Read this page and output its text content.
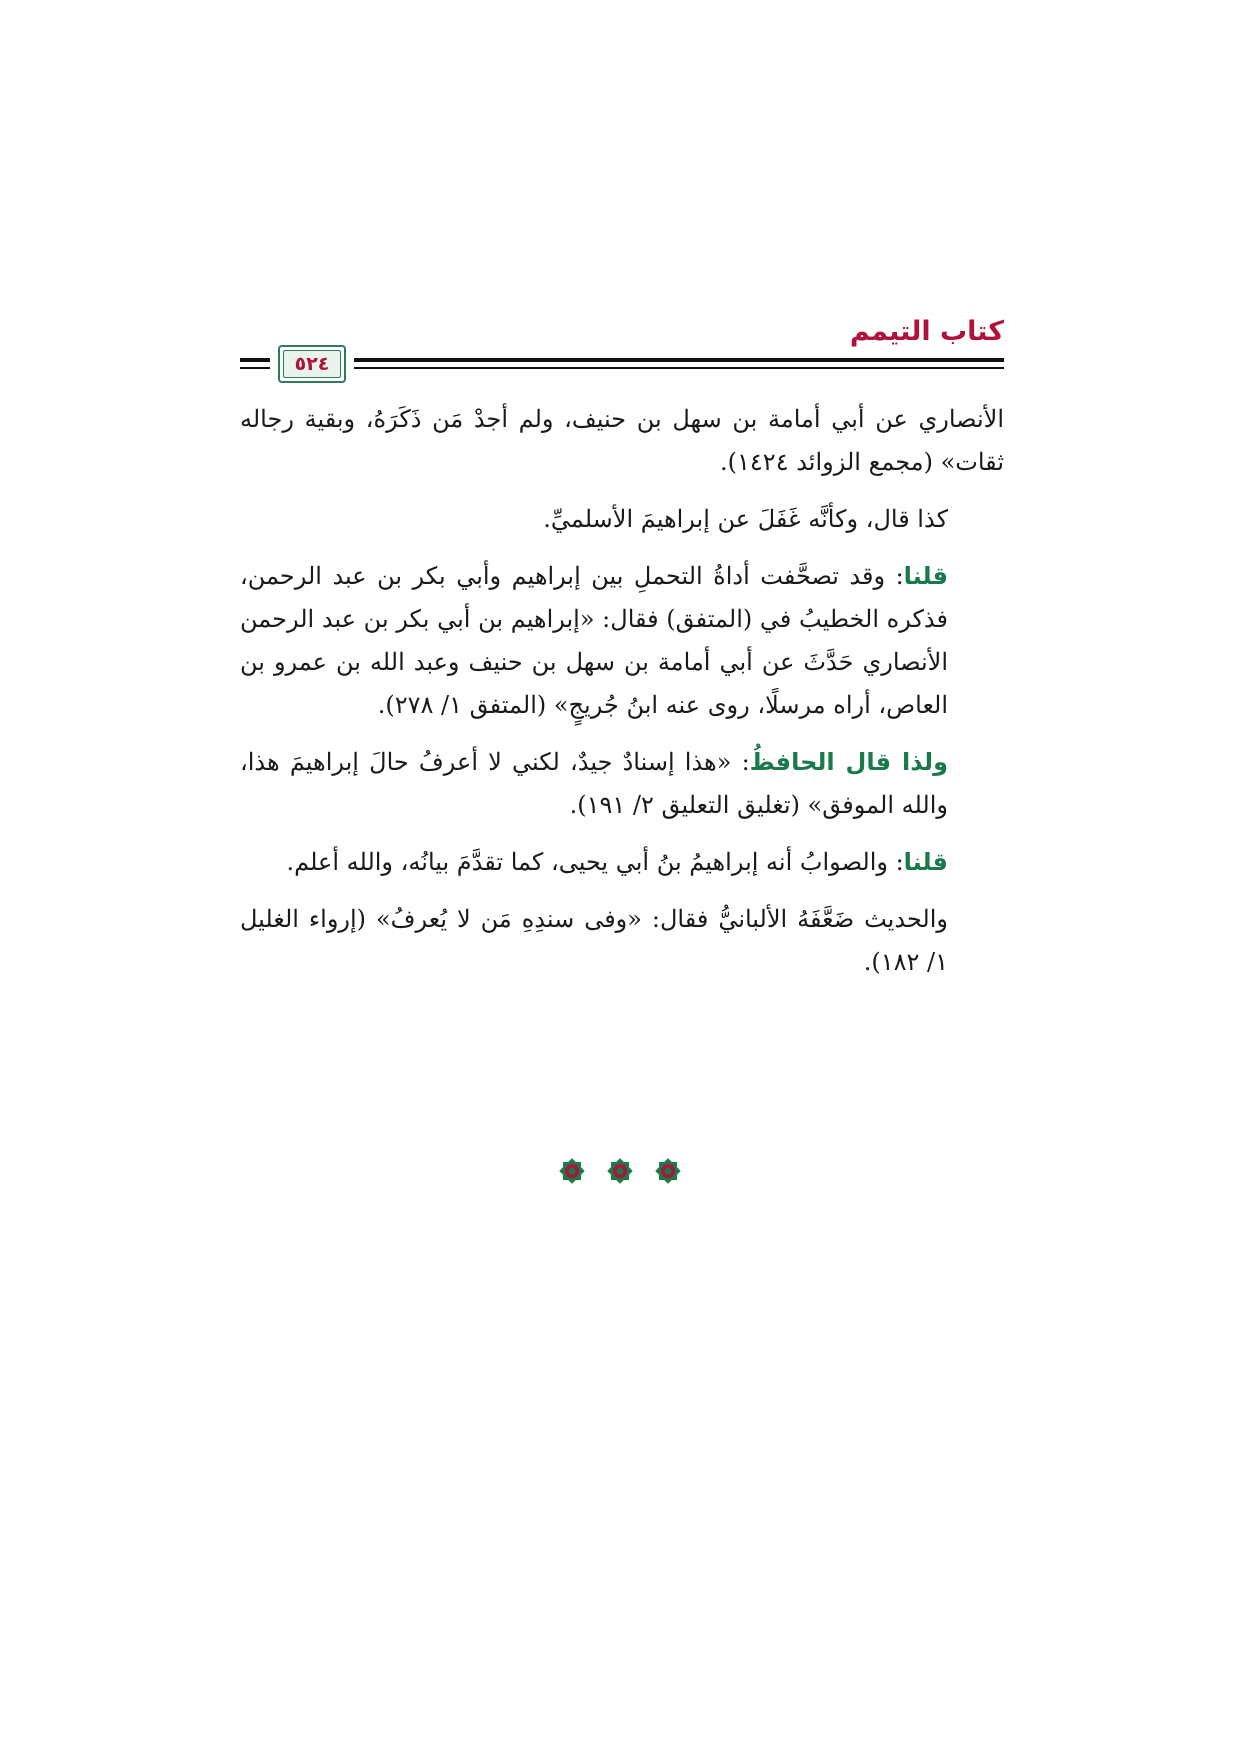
٥٢٤
كتاب التيمم

الأنصاري عن أبي أمامة بن سهل بن حنيف، ولم أجدْ مَن ذَكَرَهُ، وبقية رجاله ثقات» (مجمع الزوائد ١٤٢٤).

كذا قال، وكأنَّه غَفَلَ عن إبراهيمَ الأسلميِّ.

قلنا: وقد تصحَّفت أداةُ التحملِ بين إبراهيم وأبي بكر بن عبد الرحمن، فذكره الخطيبُ في (المتفق) فقال: «إبراهيم بن أبي بكر بن عبد الرحمن الأنصاري حَدَّثَ عن أبي أمامة بن سهل بن حنيف وعبد الله بن عمرو بن العاص، أراه مرسلًا، روى عنه ابنُ جُريجٍ» (المتفق ١/ ٢٧٨).

ولذا قال الحافظُ: «هذا إسنادٌ جيدٌ، لكني لا أعرفُ حالَ إبراهيمَ هذا، والله الموفق» (تغليق التعليق ٢/ ١٩١).

قلنا: والصوابُ أنه إبراهيمُ بنُ أبي يحيى، كما تقدَّمَ بيانُه، والله أعلم.

والحديث ضَعَّفَهُ الألبانيُّ فقال: «وفى سندِهِ مَن لا يُعرفُ» (إرواء الغليل ١/ ١٨٢).
